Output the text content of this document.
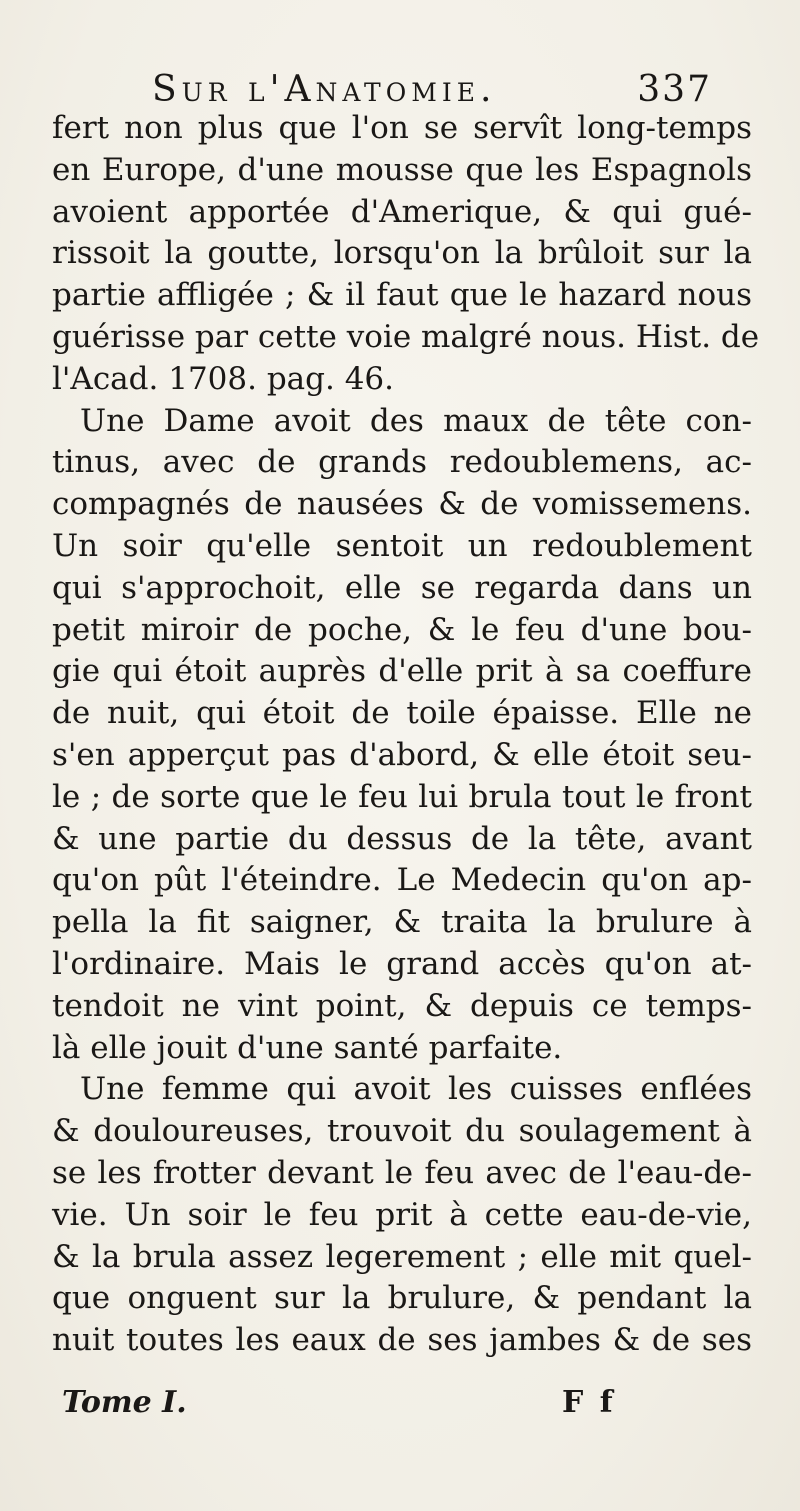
Sur l'Anatomie.	337
fert non plus que l'on se servît long-temps
en Europe, d'une mousse que les Espagnols
avoient apportée d'Amerique, & qui gué-
rissoit la goutte, lorsqu'on la brûloit sur la
partie affligée ; & il faut que le hazard nous
guérisse par cette voie malgré nous. Hist. de
l'Acad. 1708. pag. 46.
Une Dame avoit des maux de tête con-
tinus, avec de grands redoublemens, ac-
compagnés de nausées & de vomissemens.
Un soir qu'elle sentoit un redoublement
qui s'approchoit, elle se regarda dans un
petit miroir de poche, & le feu d'une bou-
gie qui étoit auprès d'elle prit à sa coeffure
de nuit, qui étoit de toile épaisse. Elle ne
s'en apperçut pas d'abord, & elle étoit seu-
le ; de sorte que le feu lui brula tout le front
& une partie du dessus de la tête, avant
qu'on pût l'éteindre. Le Medecin qu'on ap-
pella la fit saigner, & traita la brulure à
l'ordinaire. Mais le grand accès qu'on at-
tendoit ne vint point, & depuis ce temps-
là elle jouit d'une santé parfaite.
Une femme qui avoit les cuisses enflées
& douloureuses, trouvoit du soulagement à
se les frotter devant le feu avec de l'eau-de-
vie. Un soir le feu prit à cette eau-de-vie,
& la brula assez legerement ; elle mit quel-
que onguent sur la brulure, & pendant la
nuit toutes les eaux de ses jambes & de ses
Tome I.	F f
